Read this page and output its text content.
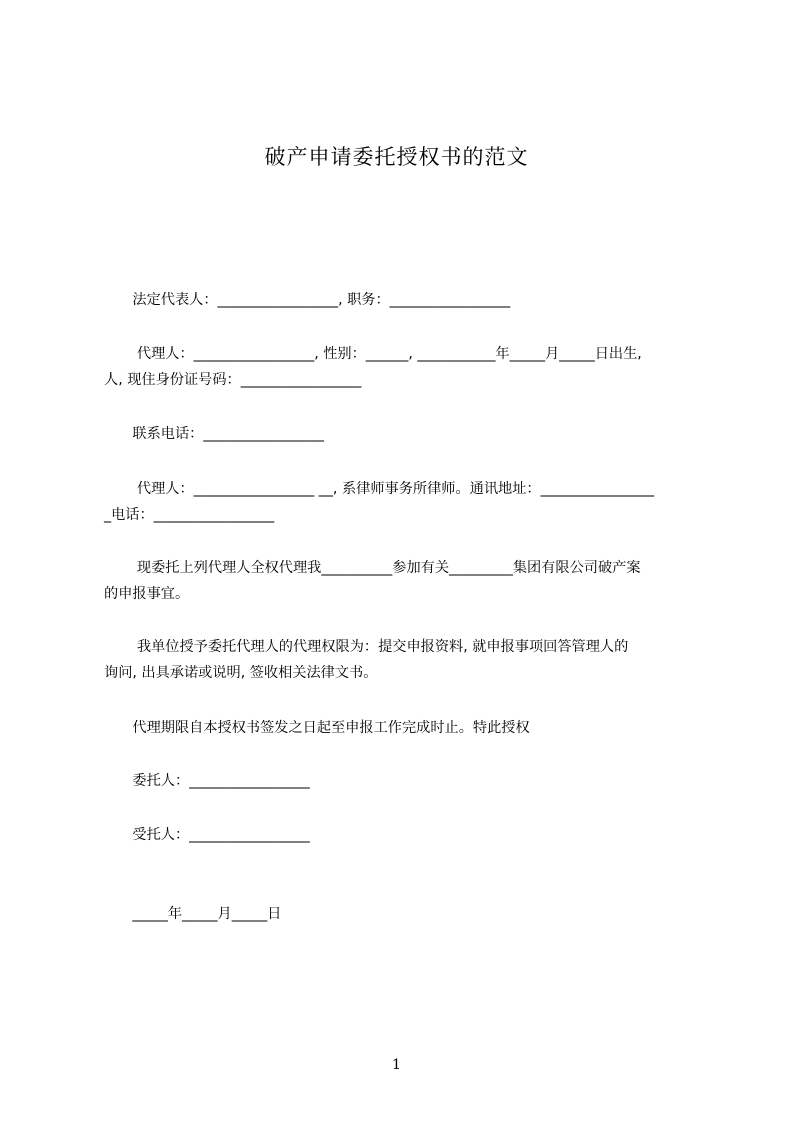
破产申请委托授权书的范文
　　法定代表人：_________________, 职务：_________________
　　 代理人：_________________, 性别：______, ___________年_____月_____日出生,
人, 现住身份证号码：_________________
　　联系电话：_________________
　　 代理人：_________________ __, 系律师事务所律师。通讯地址：________________
_电话：_________________
　　 现委托上列代理人全权代理我__________参加有关_________集团有限公司破产案
的申报事宜。
　　 我单位授予委托代理人的代理权限为：提交申报资料, 就申报事项回答管理人的
询问, 出具承诺或说明, 签收相关法律文书。
　　代理期限自本授权书签发之日起至申报工作完成时止。特此授权
　　委托人：_________________
　　受托人：_________________
　　_____年_____月_____日
1
